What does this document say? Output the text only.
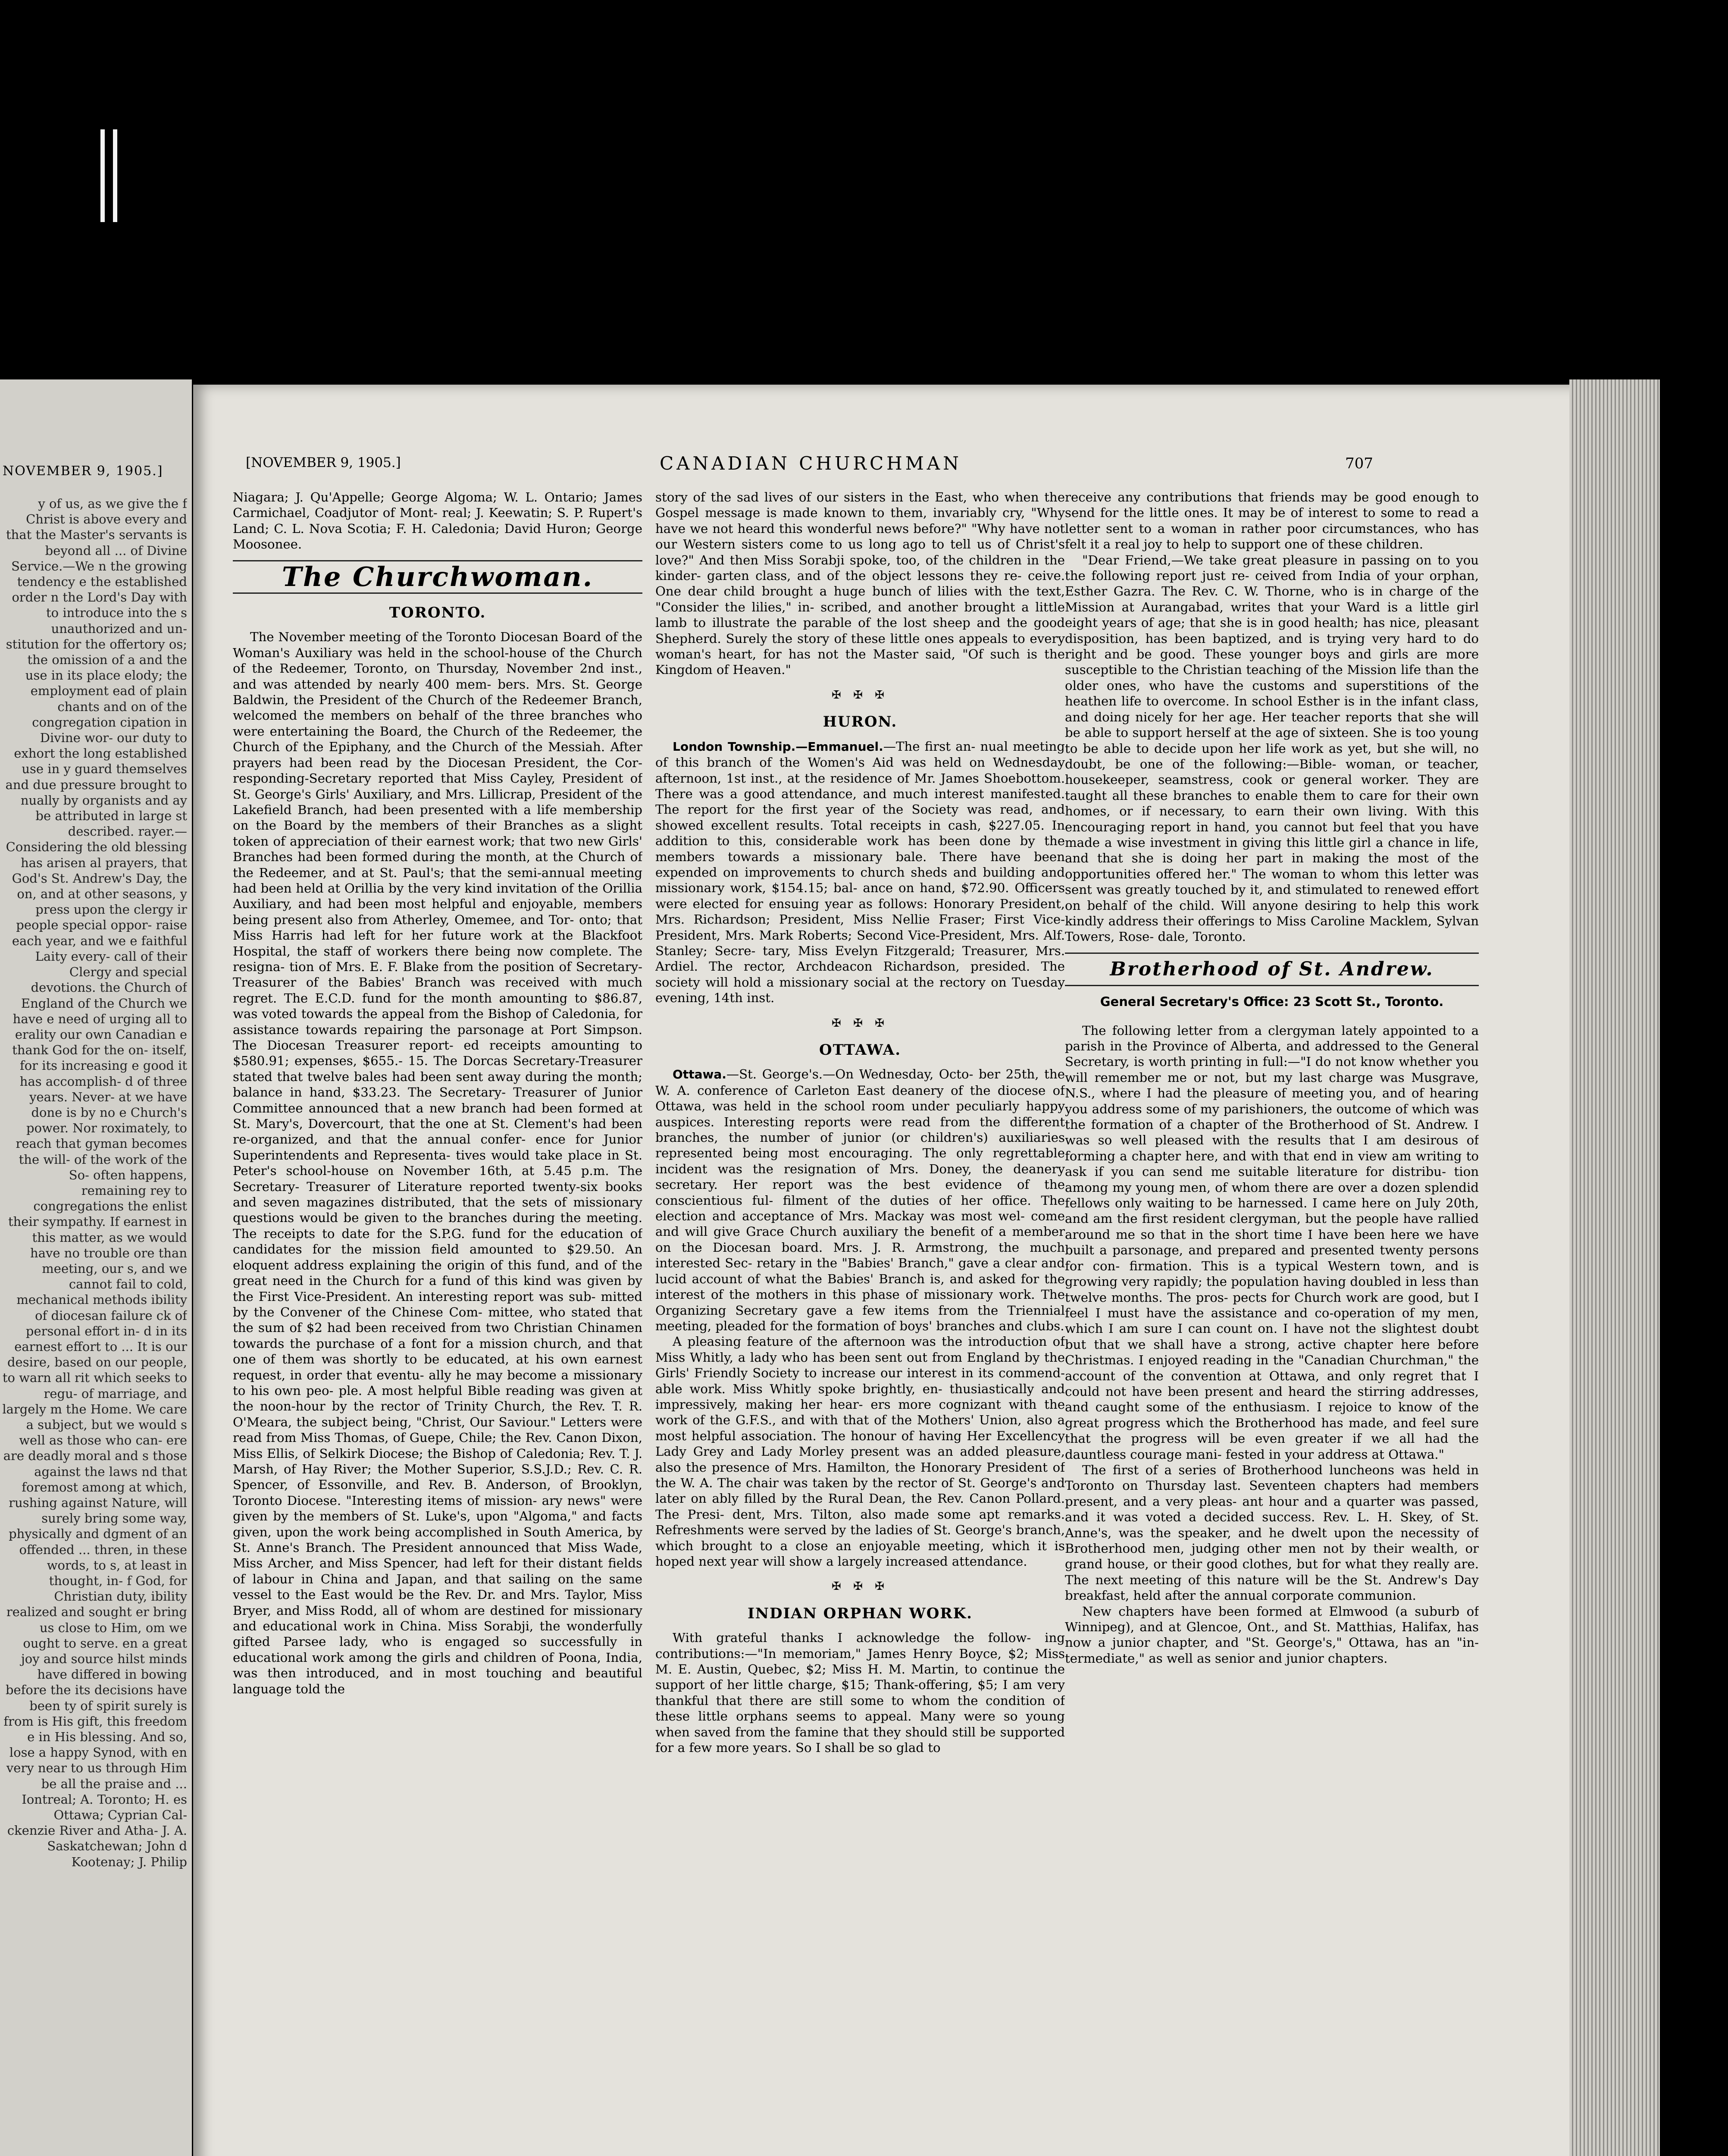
NOVEMBER 9, 1905.]
y of us, as we give the f Christ is above every and that the Master's servants is beyond all ... of Divine Service.—We n the growing tendency e the established order n the Lord's Day with to introduce into the s unauthorized and un- stitution for the offertory os; the omission of a and the use in its place elody; the employment ead of plain chants and on of the congregation cipation in Divine wor- our duty to exhort the long established use in y guard themselves and due pressure brought to nually by organists and ay be attributed in large st described. rayer.—Considering the old blessing has arisen al prayers, that God's St. Andrew's Day, the on, and at other seasons, y press upon the clergy ir people special oppor- raise each year, and we e faithful Laity every- call of their Clergy and special devotions. the Church of England of the Church we have e need of urging all to erality our own Canadian e thank God for the on- itself, for its increasing e good it has accomplish- d of three years. Never- at we have done is by no e Church's power. Nor roximately, to reach that gyman becomes the will- of the work of the So- often happens, remaining rey to congregations the enlist their sympathy. If earnest in this matter, as we would have no trouble ore than meeting, our s, and we cannot fail to cold, mechanical methods ibility of diocesan failure ck of personal effort in- d in its earnest effort to ... It is our desire, based on our people, to warn all rit which seeks to regu- of marriage, and largely m the Home. We care a subject, but we would s well as those who can- ere are deadly moral and s those against the laws nd that foremost among at which, rushing against Nature, will surely bring some way, physically and dgment of an offended ... thren, in these words, to s, at least in thought, in- f God, for Christian duty, ibility realized and sought er bring us close to Him, om we ought to serve. en a great joy and source hilst minds have differed in bowing before the its decisions have been ty of spirit surely is from is His gift, this freedom e in His blessing. And so, lose a happy Synod, with en very near to us through Him be all the praise and ... Iontreal; A. Toronto; H. es Ottawa; Cyprian Cal- ckenzie River and Atha- J. A. Saskatchewan; John d Kootenay; J. Philip
[NOVEMBER 9, 1905.]	CANADIAN CHURCHMAN	707

Niagara; J. Qu'Appelle; George Algoma; W. L. Ontario; James Carmichael, Coadjutor of Mont- real; J. Keewatin; S. P. Rupert's Land; C. L. Nova Scotia; F. H. Caledonia; David Huron; George Moosonee.

The Churchwoman.
TORONTO.

The November meeting of the Toronto Diocesan Board of the Woman's Auxiliary was held in the school-house of the Church of the Redeemer, Toronto, on Thursday, November 2nd inst., and was attended by nearly 400 mem- bers. Mrs. St. George Baldwin, the President of the Church of the Redeemer Branch, welcomed the members on behalf of the three branches who were entertaining the Board, the Church of the Redeemer, the Church of the Epiphany, and the Church of the Messiah. After prayers had been read by the Diocesan President, the Cor- responding-Secretary reported that Miss Cayley, President of St. George's Girls' Auxiliary, and Mrs. Lillicrap, President of the Lakefield Branch, had been presented with a life membership on the Board by the members of their Branches as a slight token of appreciation of their earnest work; that two new Girls' Branches had been formed during the month, at the Church of the Redeemer, and at St. Paul's; that the semi-annual meeting had been held at Orillia by the very kind invitation of the Orillia Auxiliary, and had been most helpful and enjoyable, members being present also from Atherley, Omemee, and Tor- onto; that Miss Harris had left for her future work at the Blackfoot Hospital, the staff of workers there being now complete. The resigna- tion of Mrs. E. F. Blake from the position of Secretary-Treasurer of the Babies' Branch was received with much regret. The E.C.D. fund for the month amounting to $86.87, was voted towards the appeal from the Bishop of Caledonia, for assistance towards repairing the parsonage at Port Simpson. The Diocesan Treasurer report- ed receipts amounting to $580.91; expenses, $655.- 15. The Dorcas Secretary-Treasurer stated that twelve bales had been sent away during the month; balance in hand, $33.23. The Secretary- Treasurer of Junior Committee announced that a new branch had been formed at St. Mary's, Dovercourt, that the one at St. Clement's had been re-organized, and that the annual confer- ence for Junior Superintendents and Representa- tives would take place in St. Peter's school-house on November 16th, at 5.45 p.m. The Secretary- Treasurer of Literature reported twenty-six books and seven magazines distributed, that the sets of missionary questions would be given to the branches during the meeting. The receipts to date for the S.P.G. fund for the education of candidates for the mission field amounted to $29.50. An eloquent address explaining the origin of this fund, and of the great need in the Church for a fund of this kind was given by the First Vice-President. An interesting report was sub- mitted by the Convener of the Chinese Com- mittee, who stated that the sum of $2 had been received from two Christian Chinamen towards the purchase of a font for a mission church, and that one of them was shortly to be educated, at his own earnest request, in order that eventu- ally he may become a missionary to his own peo- ple. A most helpful Bible reading was given at the noon-hour by the rector of Trinity Church, the Rev. T. R. O'Meara, the subject being, "Christ, Our Saviour." Letters were read from Miss Thomas, of Guepe, Chile; the Rev. Canon Dixon, Miss Ellis, of Selkirk Diocese; the Bishop of Caledonia; Rev. T. J. Marsh, of Hay River; the Mother Superior, S.S.J.D.; Rev. C. R. Spencer, of Essonville, and Rev. B. Anderson, of Brooklyn, Toronto Diocese. "Interesting items of mission- ary news" were given by the members of St. Luke's, upon "Algoma," and facts given, upon the work being accomplished in South America, by St. Anne's Branch. The President announced that Miss Wade, Miss Archer, and Miss Spencer, had left for their distant fields of labour in China and Japan, and that sailing on the same vessel to the East would be the Rev. Dr. and Mrs. Taylor, Miss Bryer, and Miss Rodd, all of whom are destined for missionary and educational work in China. Miss Sorabji, the wonderfully gifted Parsee lady, who is engaged so successfully in educational work among the girls and children of Poona, India, was then introduced, and in most touching and beautiful language told the

story of the sad lives of our sisters in the East, who when the Gospel message is made known to them, invariably cry, "Why have we not heard this wonderful news before?" "Why have not our Western sisters come to us long ago to tell us of Christ's love?" And then Miss Sorabji spoke, too, of the children in the kinder- garten class, and of the object lessons they re- ceive. One dear child brought a huge bunch of lilies with the text, "Consider the lilies," in- scribed, and another brought a little lamb to illustrate the parable of the lost sheep and the good Shepherd. Surely the story of these little ones appeals to every woman's heart, for has not the Master said, "Of such is the Kingdom of Heaven."

✠ ✠ ✠
HURON.

London Township.—Emmanuel.—The first an- nual meeting of this branch of the Women's Aid was held on Wednesday afternoon, 1st inst., at the residence of Mr. James Shoebottom. There was a good attendance, and much interest manifested. The report for the first year of the Society was read, and showed excellent results. Total receipts in cash, $227.05. In addition to this, considerable work has been done by the members towards a missionary bale. There have been expended on improvements to church sheds and building and missionary work, $154.15; bal- ance on hand, $72.90. Officers were elected for ensuing year as follows: Honorary President, Mrs. Richardson; President, Miss Nellie Fraser; First Vice-President, Mrs. Mark Roberts; Second Vice-President, Mrs. Alf. Stanley; Secre- tary, Miss Evelyn Fitzgerald; Treasurer, Mrs. Ardiel. The rector, Archdeacon Richardson, presided. The society will hold a missionary social at the rectory on Tuesday evening, 14th inst.

✠ ✠ ✠
OTTAWA.

Ottawa.—St. George's.—On Wednesday, Octo- ber 25th, the W. A. conference of Carleton East deanery of the diocese of Ottawa, was held in the school room under peculiarly happy auspices. Interesting reports were read from the different branches, the number of junior (or children's) auxiliaries represented being most encouraging. The only regrettable incident was the resignation of Mrs. Doney, the deanery secretary. Her report was the best evidence of the conscientious ful- filment of the duties of her office. The election and acceptance of Mrs. Mackay was most wel- come and will give Grace Church auxiliary the benefit of a member on the Diocesan board. Mrs. J. R. Armstrong, the much interested Sec- retary in the "Babies' Branch," gave a clear and lucid account of what the Babies' Branch is, and asked for the interest of the mothers in this phase of missionary work. The Organizing Secretary gave a few items from the Triennial meeting, pleaded for the formation of boys' branches and clubs.

A pleasing feature of the afternoon was the introduction of Miss Whitly, a lady who has been sent out from England by the Girls' Friendly Society to increase our interest in its commend- able work. Miss Whitly spoke brightly, en- thusiastically and impressively, making her hear- ers more cognizant with the work of the G.F.S., and with that of the Mothers' Union, also a most helpful association. The honour of having Her Excellency Lady Grey and Lady Morley present was an added pleasure, also the presence of Mrs. Hamilton, the Honorary President of the W. A. The chair was taken by the rector of St. George's and later on ably filled by the Rural Dean, the Rev. Canon Pollard. The Presi- dent, Mrs. Tilton, also made some apt remarks. Refreshments were served by the ladies of St. George's branch, which brought to a close an enjoyable meeting, which it is hoped next year will show a largely increased attendance.

✠ ✠ ✠
INDIAN ORPHAN WORK.

With grateful thanks I acknowledge the follow- ing contributions:—"In memoriam," James Henry Boyce, $2; Miss M. E. Austin, Quebec, $2; Miss H. M. Martin, to continue the support of her little charge, $15; Thank-offering, $5; I am very thankful that there are still some to whom the condition of these little orphans seems to appeal. Many were so young when saved from the famine that they should still be supported for a few more years. So I shall be so glad to

receive any contributions that friends may be good enough to send for the little ones. It may be of interest to some to read a letter sent to a woman in rather poor circumstances, who has felt it a real joy to help to support one of these children.

"Dear Friend,—We take great pleasure in passing on to you the following report just re- ceived from India of your orphan, Esther Gazra. The Rev. C. W. Thorne, who is in charge of the Mission at Aurangabad, writes that your Ward is a little girl eight years of age; that she is in good health; has nice, pleasant disposition, has been baptized, and is trying very hard to do right and be good. These younger boys and girls are more susceptible to the Christian teaching of the Mission life than the older ones, who have the customs and superstitions of the heathen life to overcome. In school Esther is in the infant class, and doing nicely for her age. Her teacher reports that she will be able to support herself at the age of sixteen. She is too young to be able to decide upon her life work as yet, but she will, no doubt, be one of the following:—Bible- woman, or teacher, housekeeper, seamstress, cook or general worker. They are taught all these branches to enable them to care for their own homes, or if necessary, to earn their own living. With this encouraging report in hand, you cannot but feel that you have made a wise investment in giving this little girl a chance in life, and that she is doing her part in making the most of the opportunities offered her." The woman to whom this letter was sent was greatly touched by it, and stimulated to renewed effort on behalf of the child. Will anyone desiring to help this work kindly address their offerings to Miss Caroline Macklem, Sylvan Towers, Rose- dale, Toronto.

Brotherhood of St. Andrew.
General Secretary's Office: 23 Scott St., Toronto.

The following letter from a clergyman lately appointed to a parish in the Province of Alberta, and addressed to the General Secretary, is worth printing in full:—"I do not know whether you will remember me or not, but my last charge was Musgrave, N.S., where I had the pleasure of meeting you, and of hearing you address some of my parishioners, the outcome of which was the formation of a chapter of the Brotherhood of St. Andrew. I was so well pleased with the results that I am desirous of forming a chapter here, and with that end in view am writing to ask if you can send me suitable literature for distribu- tion among my young men, of whom there are over a dozen splendid fellows only waiting to be harnessed. I came here on July 20th, and am the first resident clergyman, but the people have rallied around me so that in the short time I have been here we have built a parsonage, and prepared and presented twenty persons for con- firmation. This is a typical Western town, and is growing very rapidly; the population having doubled in less than twelve months. The pros- pects for Church work are good, but I feel I must have the assistance and co-operation of my men, which I am sure I can count on. I have not the slightest doubt but that we shall have a strong, active chapter here before Christmas. I enjoyed reading in the "Canadian Churchman," the account of the convention at Ottawa, and only regret that I could not have been present and heard the stirring addresses, and caught some of the enthusiasm. I rejoice to know of the great progress which the Brotherhood has made, and feel sure that the progress will be even greater if we all had the dauntless courage mani- fested in your address at Ottawa."

The first of a series of Brotherhood luncheons was held in Toronto on Thursday last. Seventeen chapters had members present, and a very pleas- ant hour and a quarter was passed, and it was voted a decided success. Rev. L. H. Skey, of St. Anne's, was the speaker, and he dwelt upon the necessity of Brotherhood men, judging other men not by their wealth, or grand house, or their good clothes, but for what they really are. The next meeting of this nature will be the St. Andrew's Day breakfast, held after the annual corporate communion.

New chapters have been formed at Elmwood (a suburb of Winnipeg), and at Glencoe, Ont., and St. Matthias, Halifax, has now a junior chapter, and "St. George's," Ottawa, has an "in- termediate," as well as senior and junior chapters.
